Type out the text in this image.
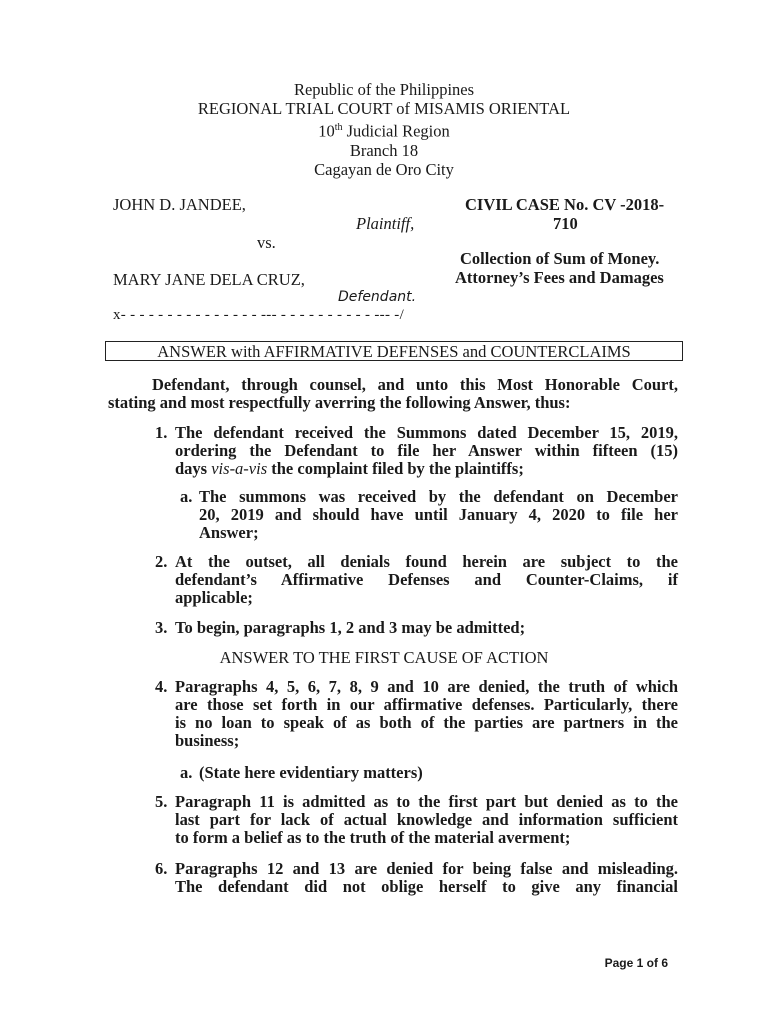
Republic of the Philippines
REGIONAL TRIAL COURT of MISAMIS ORIENTAL
10th Judicial Region
Branch 18
Cagayan de Oro City
JOHN D. JANDEE,
Plaintiff,
vs.
MARY JANE DELA CRUZ,
Defendant.
x- - - - - - - - - - - - - - - --- - - - - - - - - - - --- -/
CIVIL CASE No. CV -2018-
710
Collection of Sum of Money.
Attorney’s Fees and Damages
ANSWER with AFFIRMATIVE DEFENSES and COUNTERCLAIMS
Defendant, through counsel, and unto this Most Honorable Court,
stating and most respectfully averring the following Answer, thus:
1. The defendant received the Summons dated December 15, 2019,
ordering the Defendant to file her Answer within fifteen (15)
days vis-a-vis the complaint filed by the plaintiffs;
a. The summons was received by the defendant on December
20, 2019 and should have until January 4, 2020 to file her
Answer;
2. At the outset, all denials found herein are subject to the
defendant’s Affirmative Defenses and Counter-Claims, if
applicable;
3. To begin, paragraphs 1, 2 and 3 may be admitted;
ANSWER TO THE FIRST CAUSE OF ACTION
4. Paragraphs 4, 5, 6, 7, 8, 9 and 10 are denied, the truth of which
are those set forth in our affirmative defenses. Particularly, there
is no loan to speak of as both of the parties are partners in the
business;
a. (State here evidentiary matters)
5. Paragraph 11 is admitted as to the first part but denied as to the
last part for lack of actual knowledge and information sufficient
to form a belief as to the truth of the material averment;
6. Paragraphs 12 and 13 are denied for being false and misleading.
The defendant did not oblige herself to give any financial
Page 1 of 6
